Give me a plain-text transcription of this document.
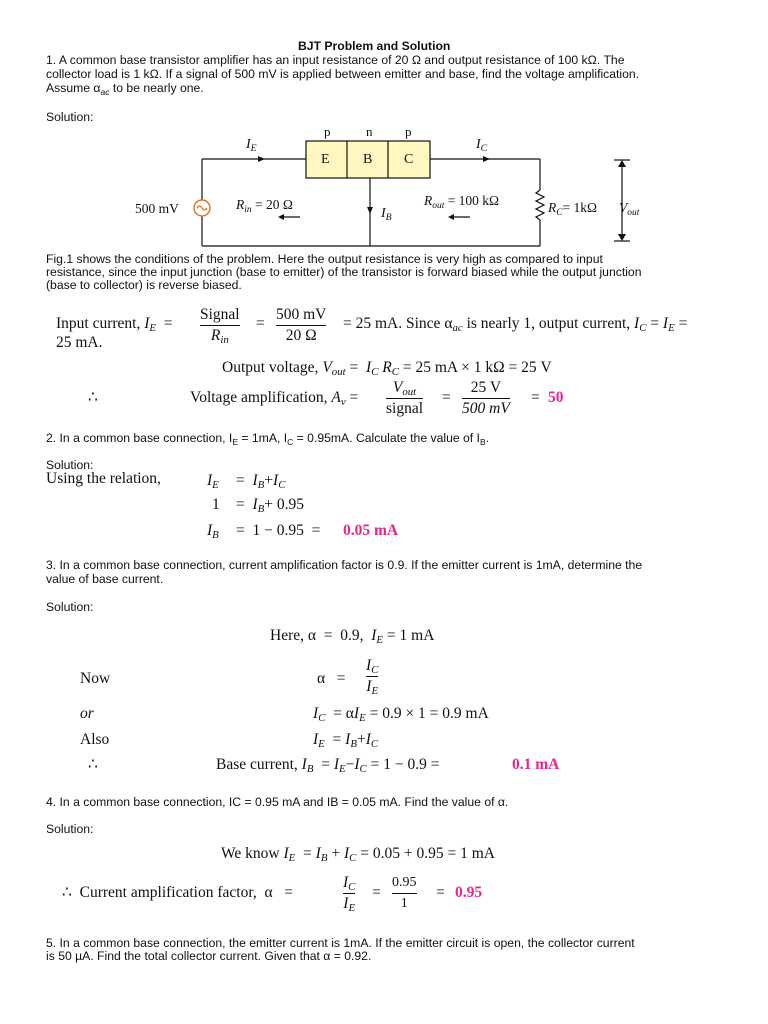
BJT Problem and Solution
1. A common base transistor amplifier has an input resistance of 20 Ω and output resistance of 100 kΩ. The
collector load is 1 kΩ. If a signal of 500 mV is applied between emitter and base, find the voltage amplification.
Assume $\alpha_{ac}$ to be nearly one.
Solution:
p	n	p
E B C
$I_E$	$I_C$
$I_B$
500 mV	$R_{in} = 20$ Ω	$R_{out} = 100$ kΩ	$R_C= 1k\Omega$ $V_{out}$
Fig.1 shows the conditions of the problem. Here the output resistance is very high as compared to input
resistance, since the input junction (base to emitter) of the transistor is forward biased while the output junction
(base to collector) is reverse biased.
Input current, $I_E$  =
Signal
$R_{in}$
=
500 mV
20 Ω
= 25 mA. Since $\alpha_{ac}$ is nearly 1, output current, $I_C = I_E$ =
25 mA.
Output voltage, $V_{out} = I_C$ $R_C = 25$ mA × 1 kΩ = 25 V
∴	Voltage amplification, $A_v$ =
$V_{out}$
signal
=
25 V
500 mV
= 50
2. In a common base connection, $I_E = 1mA$, $I_C = 0.95mA$. Calculate the value of $I_B$.
Solution:
Using the relation,	$I_E = I_B+I_C$
$1 = I_B+ 0.95$
$I_B = 1 - 0.95 = 0.05$ mA
3. In a common base connection, current amplification factor is 0.9. If the emitter current is 1mA, determine the
value of base current.
Solution:
Here, α  =  0.9, $I_E = 1$ mA
Now	α   =
$I_C$
$I_E$
or	$I_C = \alpha I_E = 0.9 \times 1 = 0.9$ mA
Also	$I_E = I_B+I_C$
∴	Base current, $I_B = I_E-I_C = 1 - 0.9$ =	0.1 mA
4. In a common base connection, IC = 0.95 mA and IB = 0.05 mA. Find the value of α.
Solution:
We know $I_E = I_B + I_C = 0.05 + 0.95 = 1$ mA
∴ Current amplification factor,  α   =
$I_C$
$I_E$
=
0.95
1
= 0.95
5. In a common base connection, the emitter current is 1mA. If the emitter circuit is open, the collector current
is 50 µA. Find the total collector current. Given that α = 0.92.
